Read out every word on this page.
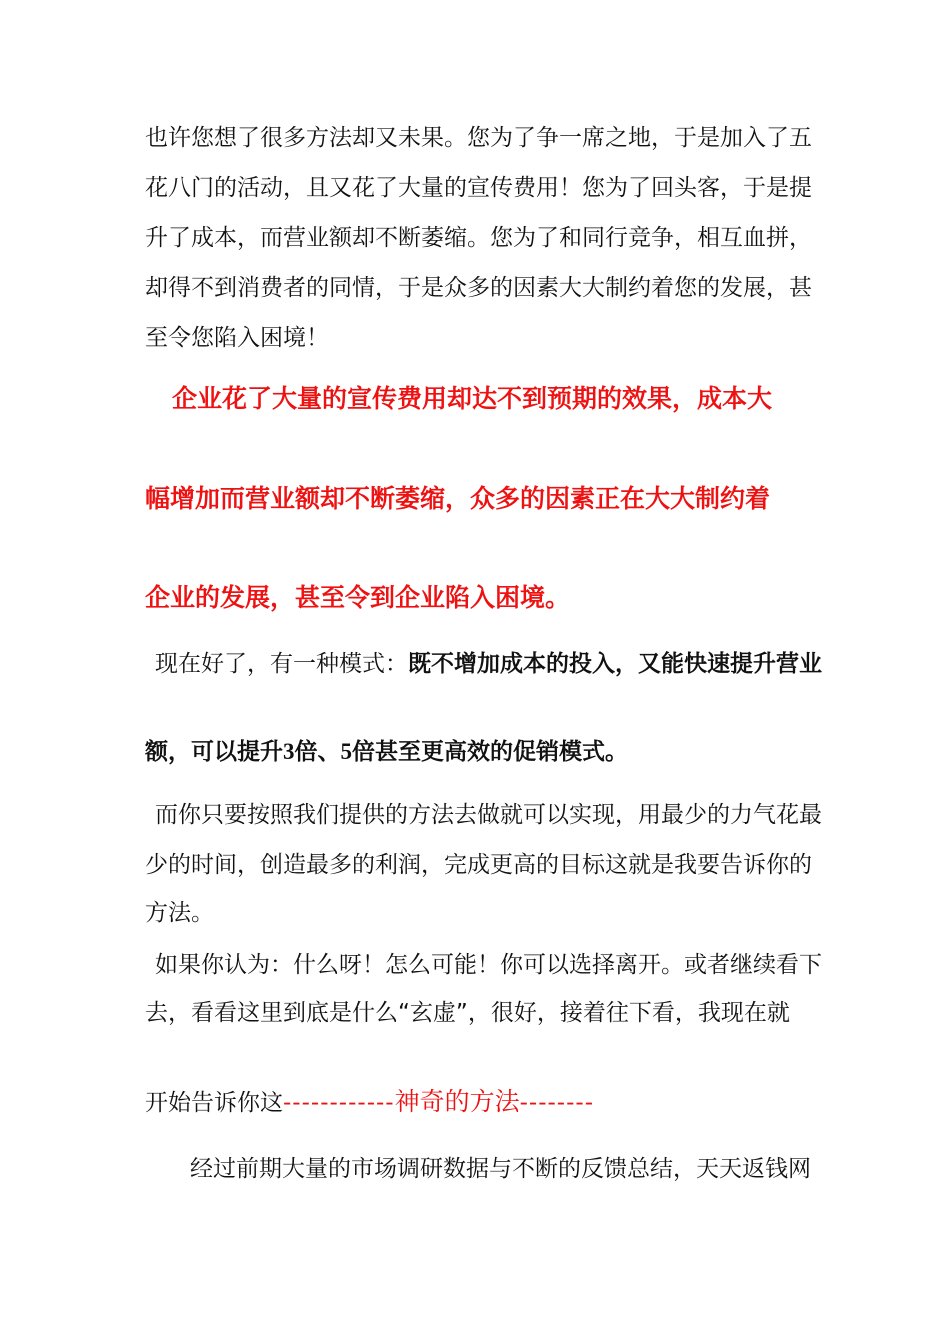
也许您想了很多方法却又未果。您为了争一席之地，于是加入了五
花八门的活动，且又花了大量的宣传费用！您为了回头客，于是提
升了成本，而营业额却不断萎缩。您为了和同行竞争，相互血拼，
却得不到消费者的同情，于是众多的因素大大制约着您的发展，甚
至令您陷入困境！
企业花了大量的宣传费用却达不到预期的效果，成本大
幅增加而营业额却不断萎缩，众多的因素正在大大制约着
企业的发展，甚至令到企业陷入困境。
现在好了，有一种模式：既不增加成本的投入，又能快速提升营业
额，可以提升3倍、5倍甚至更高效的促销模式。
而你只要按照我们提供的方法去做就可以实现，用最少的力气花最
少的时间，创造最多的利润，完成更高的目标这就是我要告诉你的
方法。
如果你认为：什么呀！怎么可能！你可以选择离开。或者继续看下
去，看看这里到底是什么“玄虚”，很好，接着往下看，我现在就
开始告诉你这------------神奇的方法--------
经过前期大量的市场调研数据与不断的反馈总结，天天返钱网
